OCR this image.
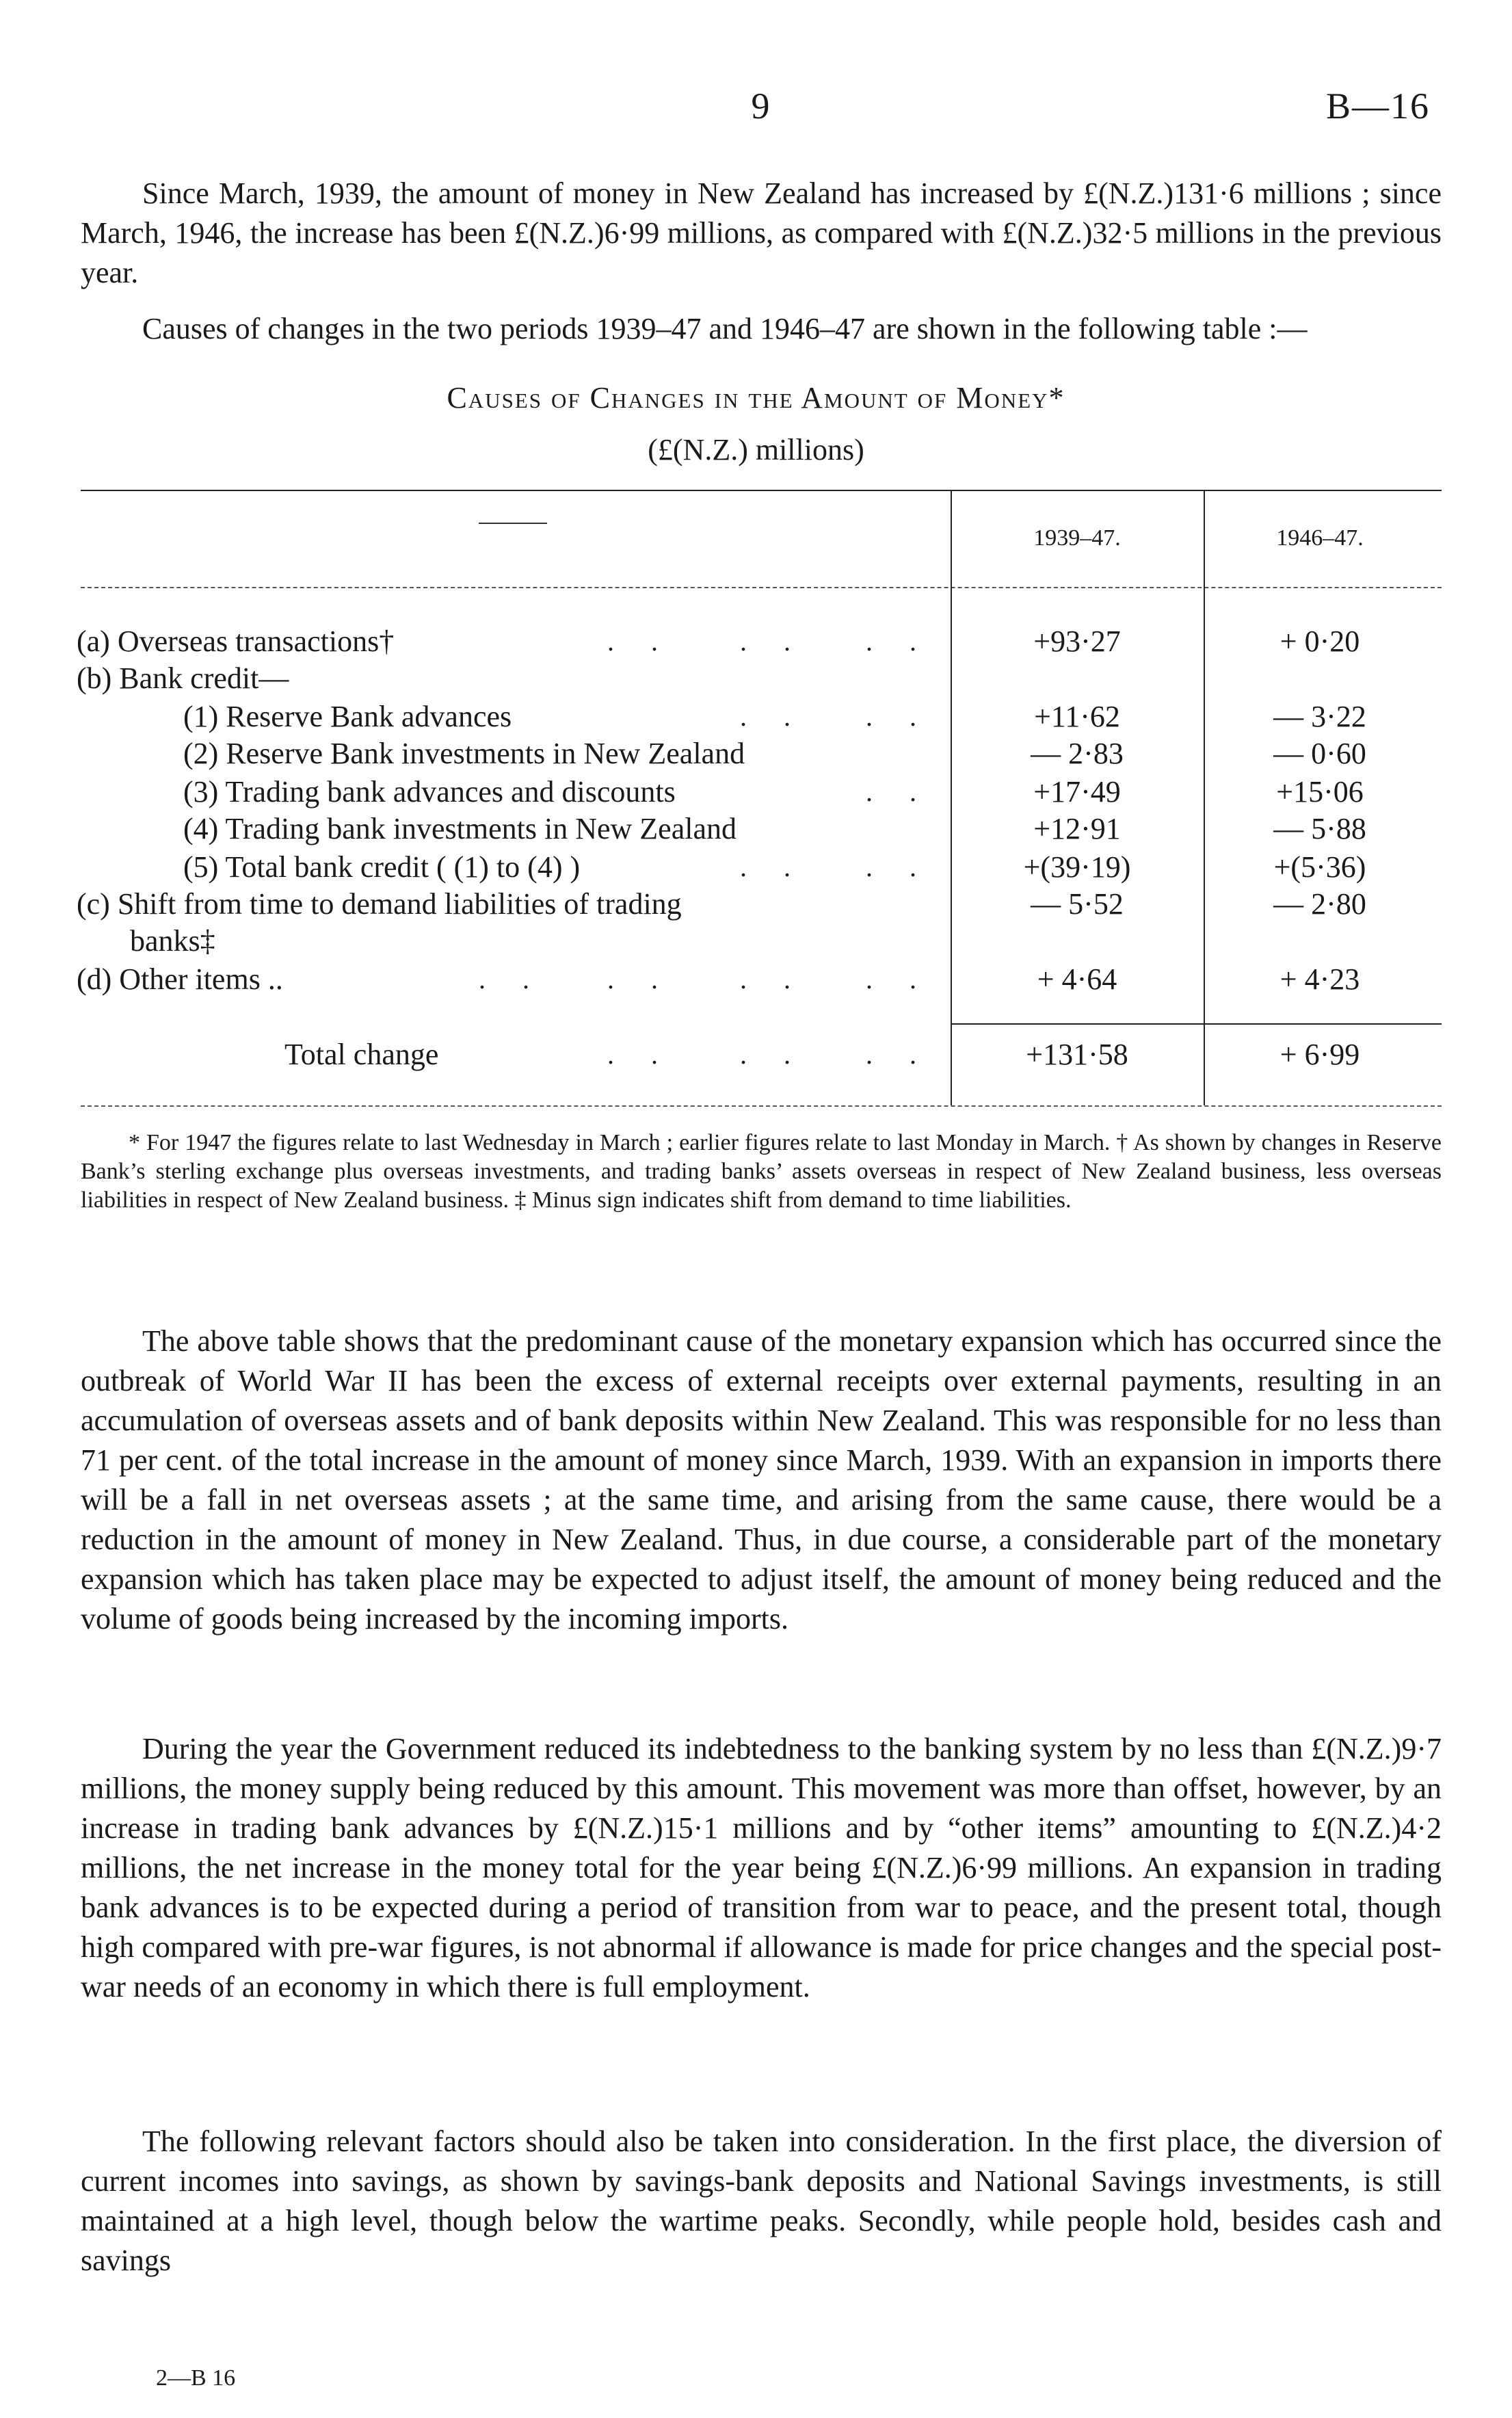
9	B—16

Since March, 1939, the amount of money in New Zealand has increased by £(N.Z.)131·6 millions ; since March, 1946, the increase has been £(N.Z.)6·99 millions, as compared with £(N.Z.)32·5 millions in the previous year.

Causes of changes in the two periods 1939–47 and 1946–47 are shown in the following table :—

Causes of Changes in the Amount of Money*
(£(N.Z.) millions)
1939–47.	1946–47.
(a) Overseas transactions†	. . . . . .	+93·27	+ 0·20
(b) Bank credit—
(1) Reserve Bank advances	. . . .	+11·62	— 3·22
(2) Reserve Bank investments in New Zealand	— 2·83	— 0·60
(3) Trading bank advances and discounts	. .	+17·49	+15·06
(4) Trading bank investments in New Zealand	+12·91	— 5·88
(5) Total bank credit ( (1) to (4) )	. . . .	+(39·19)	+(5·36)
(c) Shift from time to demand liabilities of trading	— 5·52	— 2·80
banks‡
(d) Other items ..	. . . . . . . .	+ 4·64	+ 4·23
Total change	. . . . . .	+131·58	+ 6·99

* For 1947 the figures relate to last Wednesday in March ; earlier figures relate to last Monday in March. † As shown by changes in Reserve Bank’s sterling exchange plus overseas investments, and trading banks’ assets overseas in respect of New Zealand business, less overseas liabilities in respect of New Zealand business. ‡ Minus sign indicates shift from demand to time liabilities.

The above table shows that the predominant cause of the monetary expansion which has occurred since the outbreak of World War II has been the excess of external receipts over external payments, resulting in an accumulation of overseas assets and of bank deposits within New Zealand. This was responsible for no less than 71 per cent. of the total increase in the amount of money since March, 1939. With an expansion in imports there will be a fall in net overseas assets ; at the same time, and arising from the same cause, there would be a reduction in the amount of money in New Zealand. Thus, in due course, a considerable part of the monetary expansion which has taken place may be expected to adjust itself, the amount of money being reduced and the volume of goods being increased by the incoming imports.

During the year the Government reduced its indebtedness to the banking system by no less than £(N.Z.)9·7 millions, the money supply being reduced by this amount. This movement was more than offset, however, by an increase in trading bank advances by £(N.Z.)15·1 millions and by “other items” amounting to £(N.Z.)4·2 millions, the net increase in the money total for the year being £(N.Z.)6·99 millions. An expansion in trading bank advances is to be expected during a period of transition from war to peace, and the present total, though high compared with pre-war figures, is not abnormal if allowance is made for price changes and the special post-war needs of an economy in which there is full employment.

The following relevant factors should also be taken into consideration. In the first place, the diversion of current incomes into savings, as shown by savings-bank deposits and National Savings investments, is still maintained at a high level, though below the wartime peaks. Secondly, while people hold, besides cash and savings

2—B 16
